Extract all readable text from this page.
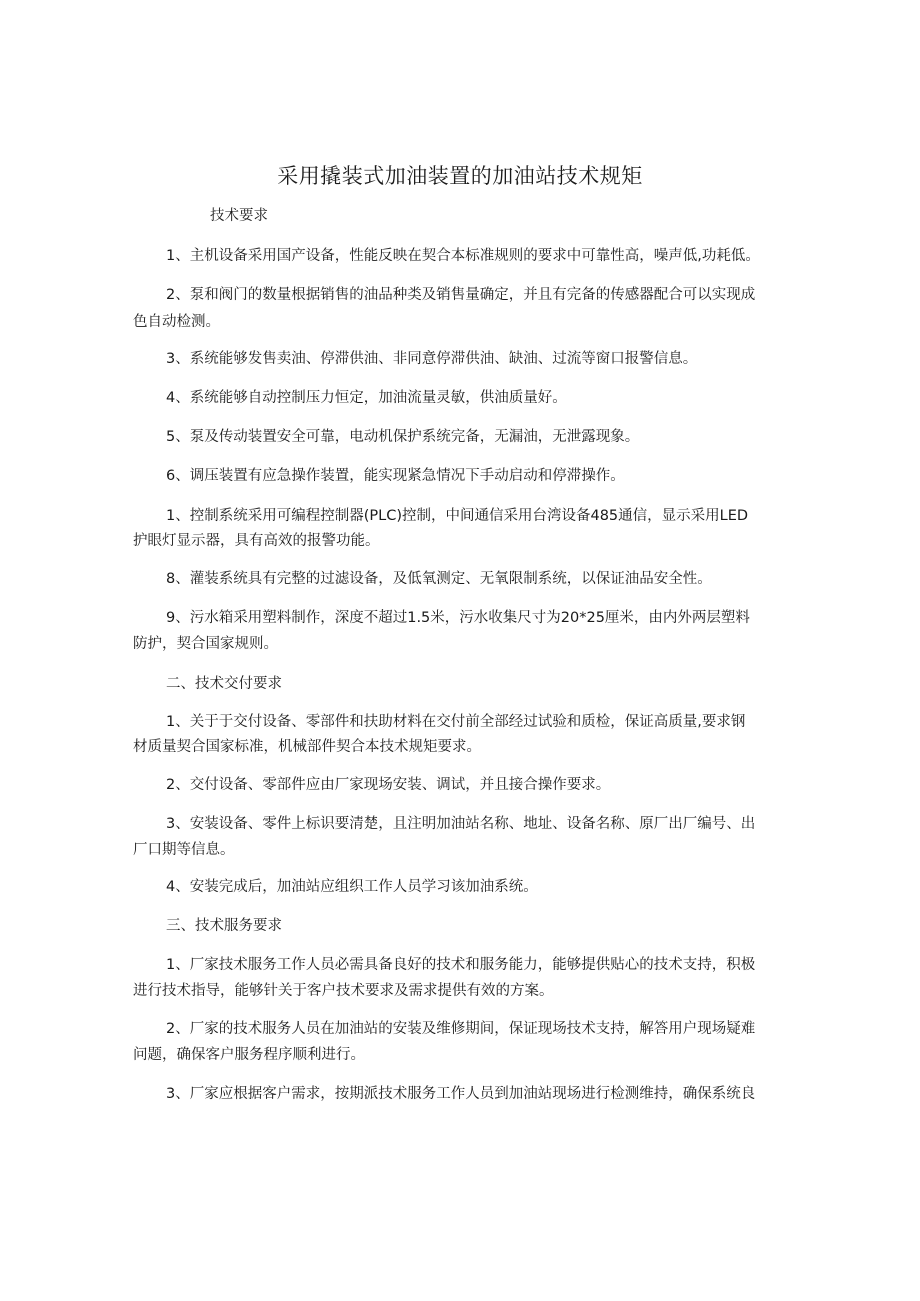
采用撬装式加油装置的加油站技术规矩

技术要求

1、主机设备采用国产设备，性能反映在契合本标准规则的要求中可靠性高，噪声低,功耗低。

2、泵和阀门的数量根据销售的油品种类及销售量确定，并且有完备的传感器配合可以实现成

色自动检测。

3、系统能够发售卖油、停滞供油、非同意停滞供油、缺油、过流等窗口报警信息。

4、系统能够自动控制压力恒定，加油流量灵敏，供油质量好。

5、泵及传动装置安全可靠，电动机保护系统完备，无漏油，无泄露现象。

6、调压装置有应急操作装置，能实现紧急情况下手动启动和停滞操作。

1、控制系统采用可编程控制器(PLC)控制，中间通信采用台湾设备485通信，显示采用LED

护眼灯显示器，具有高效的报警功能。

8、灌装系统具有完整的过滤设备，及低氧测定、无氧限制系统，以保证油品安全性。

9、污水箱采用塑料制作，深度不超过1.5米，污水收集尺寸为20*25厘米，由内外两层塑料

防护，契合国家规则。

二、技术交付要求

1、关于于交付设备、零部件和扶助材料在交付前全部经过试验和质检，保证高质量,要求钢

材质量契合国家标准，机械部件契合本技术规矩要求。

2、交付设备、零部件应由厂家现场安装、调试，并且接合操作要求。

3、安装设备、零件上标识要清楚，且注明加油站名称、地址、设备名称、原厂出厂编号、出

厂口期等信息。

4、安装完成后，加油站应组织工作人员学习该加油系统。

三、技术服务要求

1、厂家技术服务工作人员必需具备良好的技术和服务能力，能够提供贴心的技术支持，积极

进行技术指导，能够针关于客户技术要求及需求提供有效的方案。

2、厂家的技术服务人员在加油站的安装及维修期间，保证现场技术支持，解答用户现场疑难

问题，确保客户服务程序顺利进行。

3、厂家应根据客户需求，按期派技术服务工作人员到加油站现场进行检测维持，确保系统良
